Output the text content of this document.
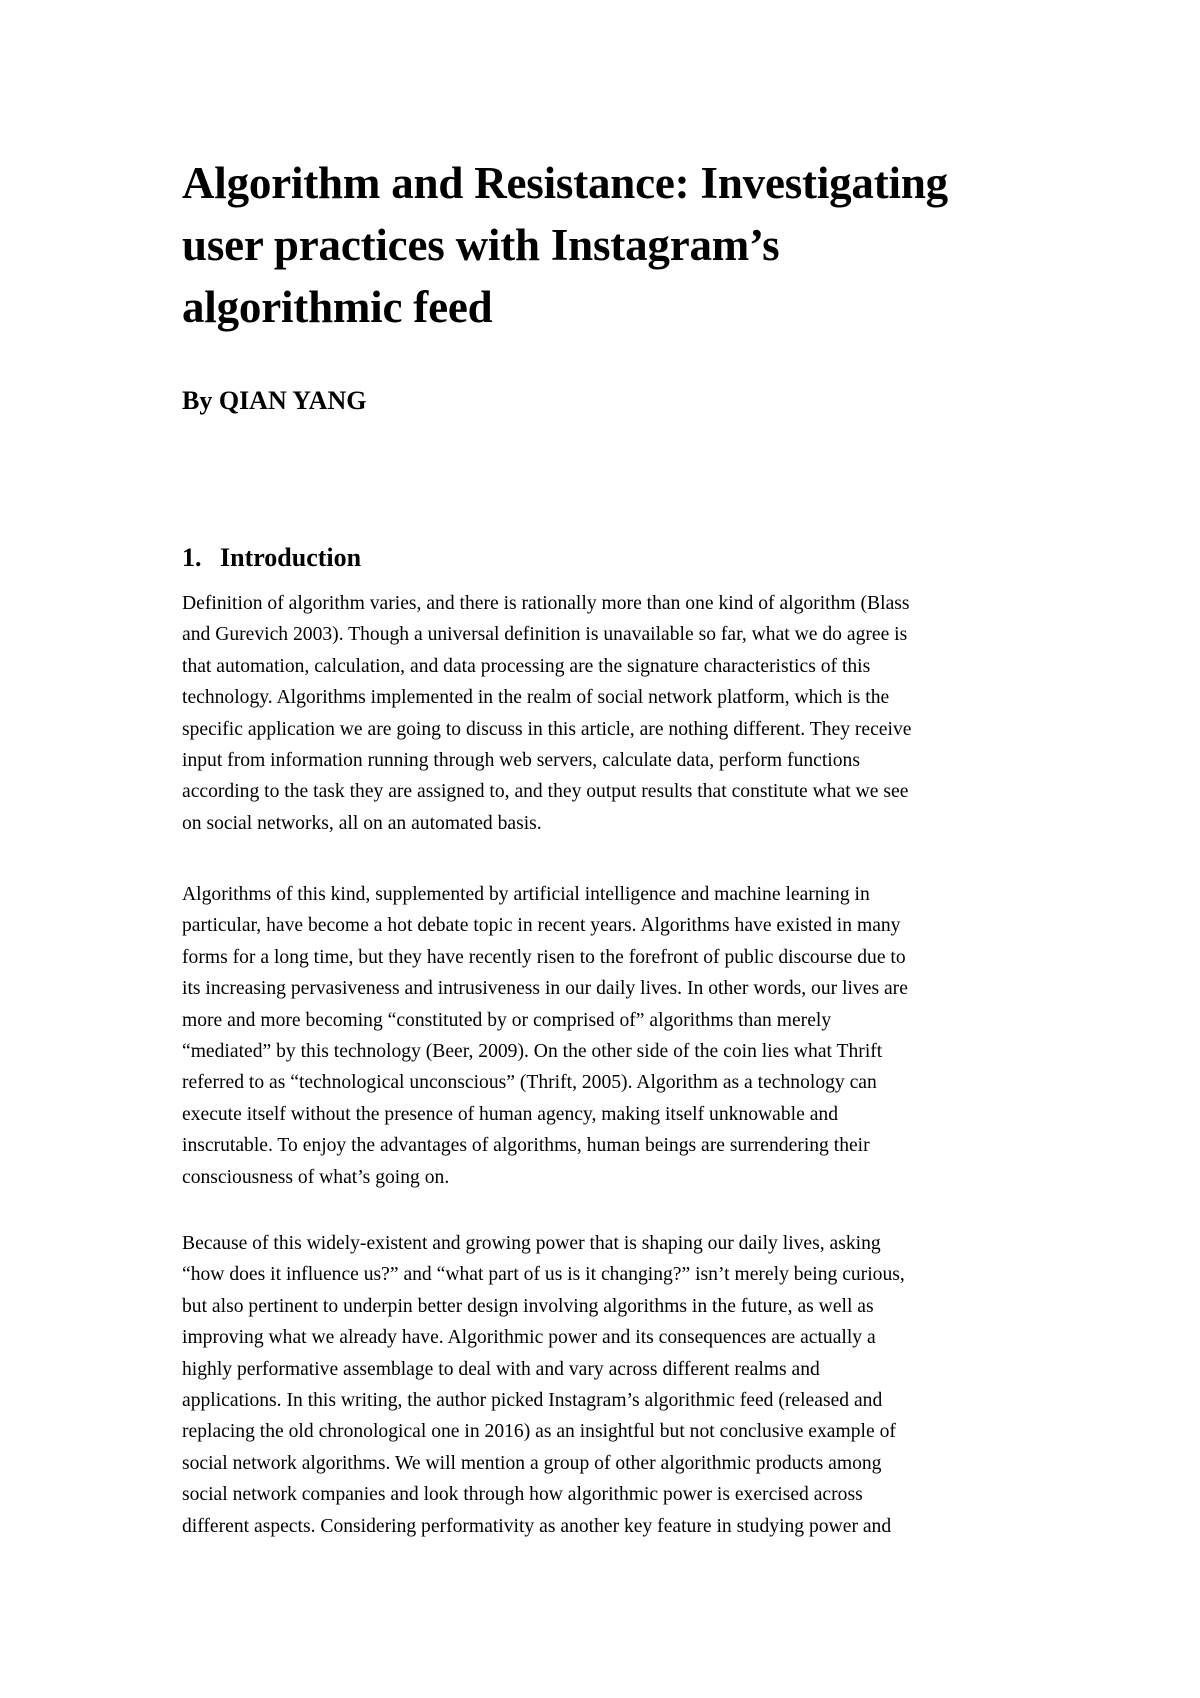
Algorithm and Resistance: Investigating
user practices with Instagram’s
algorithmic feed

By QIAN YANG

1. Introduction

Definition of algorithm varies, and there is rationally more than one kind of algorithm (Blass
and Gurevich 2003). Though a universal definition is unavailable so far, what we do agree is
that automation, calculation, and data processing are the signature characteristics of this
technology. Algorithms implemented in the realm of social network platform, which is the
specific application we are going to discuss in this article, are nothing different. They receive
input from information running through web servers, calculate data, perform functions
according to the task they are assigned to, and they output results that constitute what we see
on social networks, all on an automated basis.

Algorithms of this kind, supplemented by artificial intelligence and machine learning in
particular, have become a hot debate topic in recent years. Algorithms have existed in many
forms for a long time, but they have recently risen to the forefront of public discourse due to
its increasing pervasiveness and intrusiveness in our daily lives. In other words, our lives are
more and more becoming “constituted by or comprised of” algorithms than merely
“mediated” by this technology (Beer, 2009). On the other side of the coin lies what Thrift
referred to as “technological unconscious” (Thrift, 2005). Algorithm as a technology can
execute itself without the presence of human agency, making itself unknowable and
inscrutable. To enjoy the advantages of algorithms, human beings are surrendering their
consciousness of what’s going on.

Because of this widely-existent and growing power that is shaping our daily lives, asking
“how does it influence us?” and “what part of us is it changing?” isn’t merely being curious,
but also pertinent to underpin better design involving algorithms in the future, as well as
improving what we already have. Algorithmic power and its consequences are actually a
highly performative assemblage to deal with and vary across different realms and
applications. In this writing, the author picked Instagram’s algorithmic feed (released and
replacing the old chronological one in 2016) as an insightful but not conclusive example of
social network algorithms. We will mention a group of other algorithmic products among
social network companies and look through how algorithmic power is exercised across
different aspects. Considering performativity as another key feature in studying power and
